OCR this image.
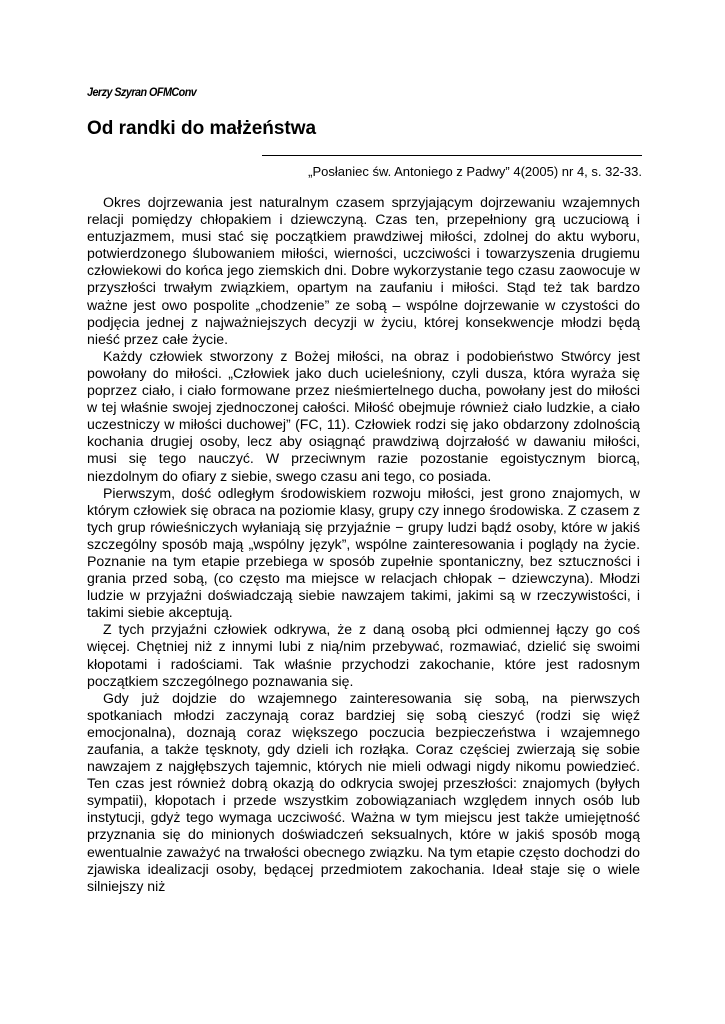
Jerzy Szyran OFMConv
Od randki do małżeństwa
„Posłaniec św. Antoniego z Padwy” 4(2005) nr 4, s. 32-33.

Okres dojrzewania jest naturalnym czasem sprzyjającym dojrzewaniu wzajemnych relacji pomiędzy chłopakiem i dziewczyną. Czas ten, przepełniony grą uczuciową i entuzjazmem, musi stać się początkiem prawdziwej miłości, zdolnej do aktu wyboru, potwierdzonego ślubowaniem miłości, wierności, uczciwości i towarzyszenia drugiemu człowiekowi do końca jego ziemskich dni. Dobre wykorzystanie tego czasu zaowocuje w przyszłości trwałym związkiem, opartym na zaufaniu i miłości. Stąd też tak bardzo ważne jest owo pospolite „chodzenie” ze sobą – wspólne dojrzewanie w czystości do podjęcia jednej z najważniejszych decyzji w życiu, której konsekwencje młodzi będą nieść przez całe życie.

Każdy człowiek stworzony z Bożej miłości, na obraz i podobieństwo Stwórcy jest powołany do miłości. „Człowiek jako duch ucieleśniony, czyli dusza, która wyraża się poprzez ciało, i ciało formowane przez nieśmiertelnego ducha, powołany jest do miłości w tej właśnie swojej zjednoczonej całości. Miłość obejmuje również ciało ludzkie, a ciało uczestniczy w miłości duchowej” (FC, 11). Człowiek rodzi się jako obdarzony zdolnością kochania drugiej osoby, lecz aby osiągnąć prawdziwą dojrzałość w dawaniu miłości, musi się tego nauczyć. W przeciwnym razie pozostanie egoistycznym biorcą, niezdolnym do ofiary z siebie, swego czasu ani tego, co posiada.

Pierwszym, dość odległym środowiskiem rozwoju miłości, jest grono znajomych, w którym człowiek się obraca na poziomie klasy, grupy czy innego środowiska. Z czasem z tych grup rówieśniczych wyłaniają się przyjaźnie − grupy ludzi bądź osoby, które w jakiś szczególny sposób mają „wspólny język”, wspólne zainteresowania i poglądy na życie. Poznanie na tym etapie przebiega w sposób zupełnie spontaniczny, bez sztuczności i grania przed sobą, (co często ma miejsce w relacjach chłopak − dziewczyna). Młodzi ludzie w przyjaźni doświadczają siebie nawzajem takimi, jakimi są w rzeczywistości, i takimi siebie akceptują.

Z tych przyjaźni człowiek odkrywa, że z daną osobą płci odmiennej łączy go coś więcej. Chętniej niż z innymi lubi z nią/nim przebywać, rozmawiać, dzielić się swoimi kłopotami i radościami. Tak właśnie przychodzi zakochanie, które jest radosnym początkiem szczególnego poznawania się.

Gdy już dojdzie do wzajemnego zainteresowania się sobą, na pierwszych spotkaniach młodzi zaczynają coraz bardziej się sobą cieszyć (rodzi się więź emocjonalna), doznają coraz większego poczucia bezpieczeństwa i wzajemnego zaufania, a także tęsknoty, gdy dzieli ich rozłąka. Coraz częściej zwierzają się sobie nawzajem z najgłębszych tajemnic, których nie mieli odwagi nigdy nikomu powiedzieć. Ten czas jest również dobrą okazją do odkrycia swojej przeszłości: znajomych (byłych sympatii), kłopotach i przede wszystkim zobowiązaniach względem innych osób lub instytucji, gdyż tego wymaga uczciwość. Ważna w tym miejscu jest także umiejętność przyznania się do minionych doświadczeń seksualnych, które w jakiś sposób mogą ewentualnie zaważyć na trwałości obecnego związku. Na tym etapie często dochodzi do zjawiska idealizacji osoby, będącej przedmiotem zakochania. Ideał staje się o wiele silniejszy niż
